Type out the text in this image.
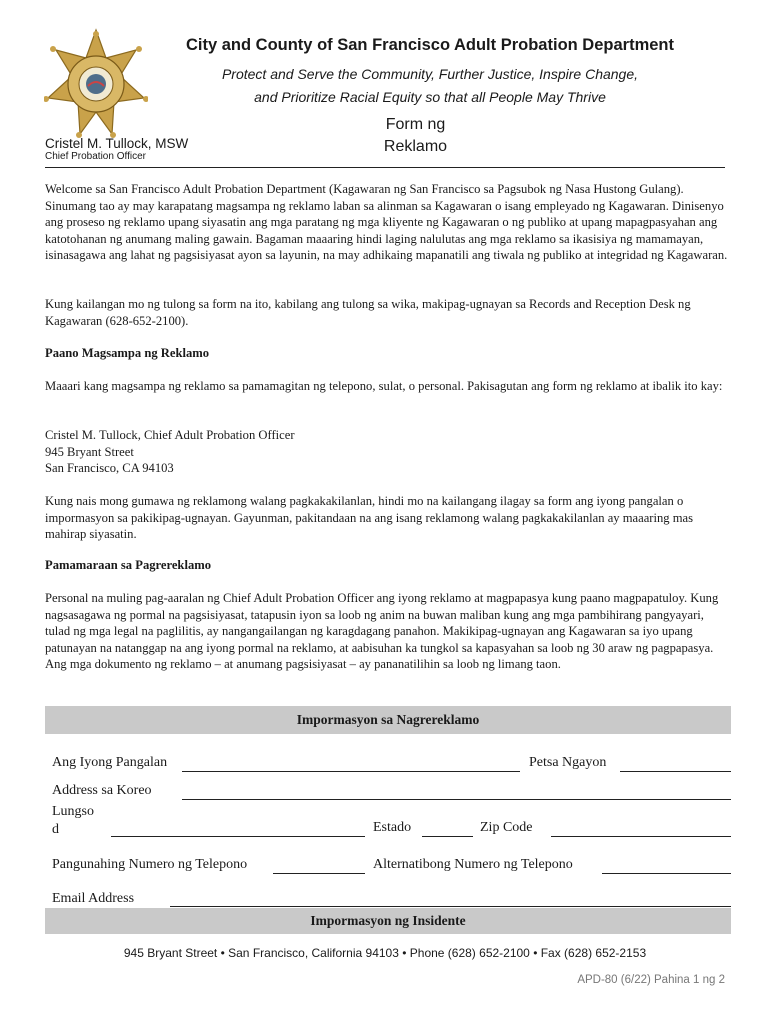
City and County of San Francisco Adult Probation Department
Protect and Serve the Community, Further Justice, Inspire Change,
and Prioritize Racial Equity so that all People May Thrive
Cristel M. Tullock, MSW
Chief Probation Officer
Form ng
Reklamo

Welcome sa San Francisco Adult Probation Department (Kagawaran ng San Francisco sa Pagsubok ng Nasa Hustong Gulang). Sinumang tao ay may karapatang magsampa ng reklamo laban sa alinman sa Kagawaran o isang empleyado ng Kagawaran. Dinisenyo ang proseso ng reklamo upang siyasatin ang mga paratang ng mga kliyente ng Kagawaran o ng publiko at upang mapagpasyahan ang katotohanan ng anumang maling gawain. Bagaman maaaring hindi laging nalulutas ang mga reklamo sa ikasisiya ng mamamayan, isinasagawa ang lahat ng pagsisiyasat ayon sa layunin, na may adhikaing mapanatili ang tiwala ng publiko at integridad ng Kagawaran.

Kung kailangan mo ng tulong sa form na ito, kabilang ang tulong sa wika, makipag-ugnayan sa Records and Reception Desk ng Kagawaran (628-652-2100).

Paano Magsampa ng Reklamo

Maaari kang magsampa ng reklamo sa pamamagitan ng telepono, sulat, o personal. Pakisagutan ang form ng reklamo at ibalik ito kay:

Cristel M. Tullock, Chief Adult Probation Officer
945 Bryant Street
San Francisco, CA 94103

Kung nais mong gumawa ng reklamong walang pagkakakilanlan, hindi mo na kailangang ilagay sa form ang iyong pangalan o impormasyon sa pakikipag-ugnayan. Gayunman, pakitandaan na ang isang reklamong walang pagkakakilanlan ay maaaring mas mahirap siyasatin.

Pamamaraan sa Pagrereklamo

Personal na muling pag-aaralan ng Chief Adult Probation Officer ang iyong reklamo at magpapasya kung paano magpapatuloy. Kung nagsasagawa ng pormal na pagsisiyasat, tatapusin iyon sa loob ng anim na buwan maliban kung ang mga pambihirang pangyayari, tulad ng mga legal na paglilitis, ay nangangailangan ng karagdagang panahon. Makikipag-ugnayan ang Kagawaran sa iyo upang patunayan na natanggap na ang iyong pormal na reklamo, at aabisuhan ka tungkol sa kapasyahan sa loob ng 30 araw ng pagpapasya. Ang mga dokumento ng reklamo – at anumang pagsisiyasat – ay pananatilihin sa loob ng limang taon.

Impormasyon sa Nagrereklamo
Ang Iyong Pangalan	Petsa Ngayon
Address sa Koreo
Lungso
d	Estado	Zip Code
Pangunahing Numero ng Telepono	Alternatibong Numero ng Telepono
Email Address
Impormasyon ng Insidente
945 Bryant Street • San Francisco, California 94103 • Phone (628) 652-2100 • Fax (628) 652-2153
APD-80 (6/22) Pahina 1 ng 2
